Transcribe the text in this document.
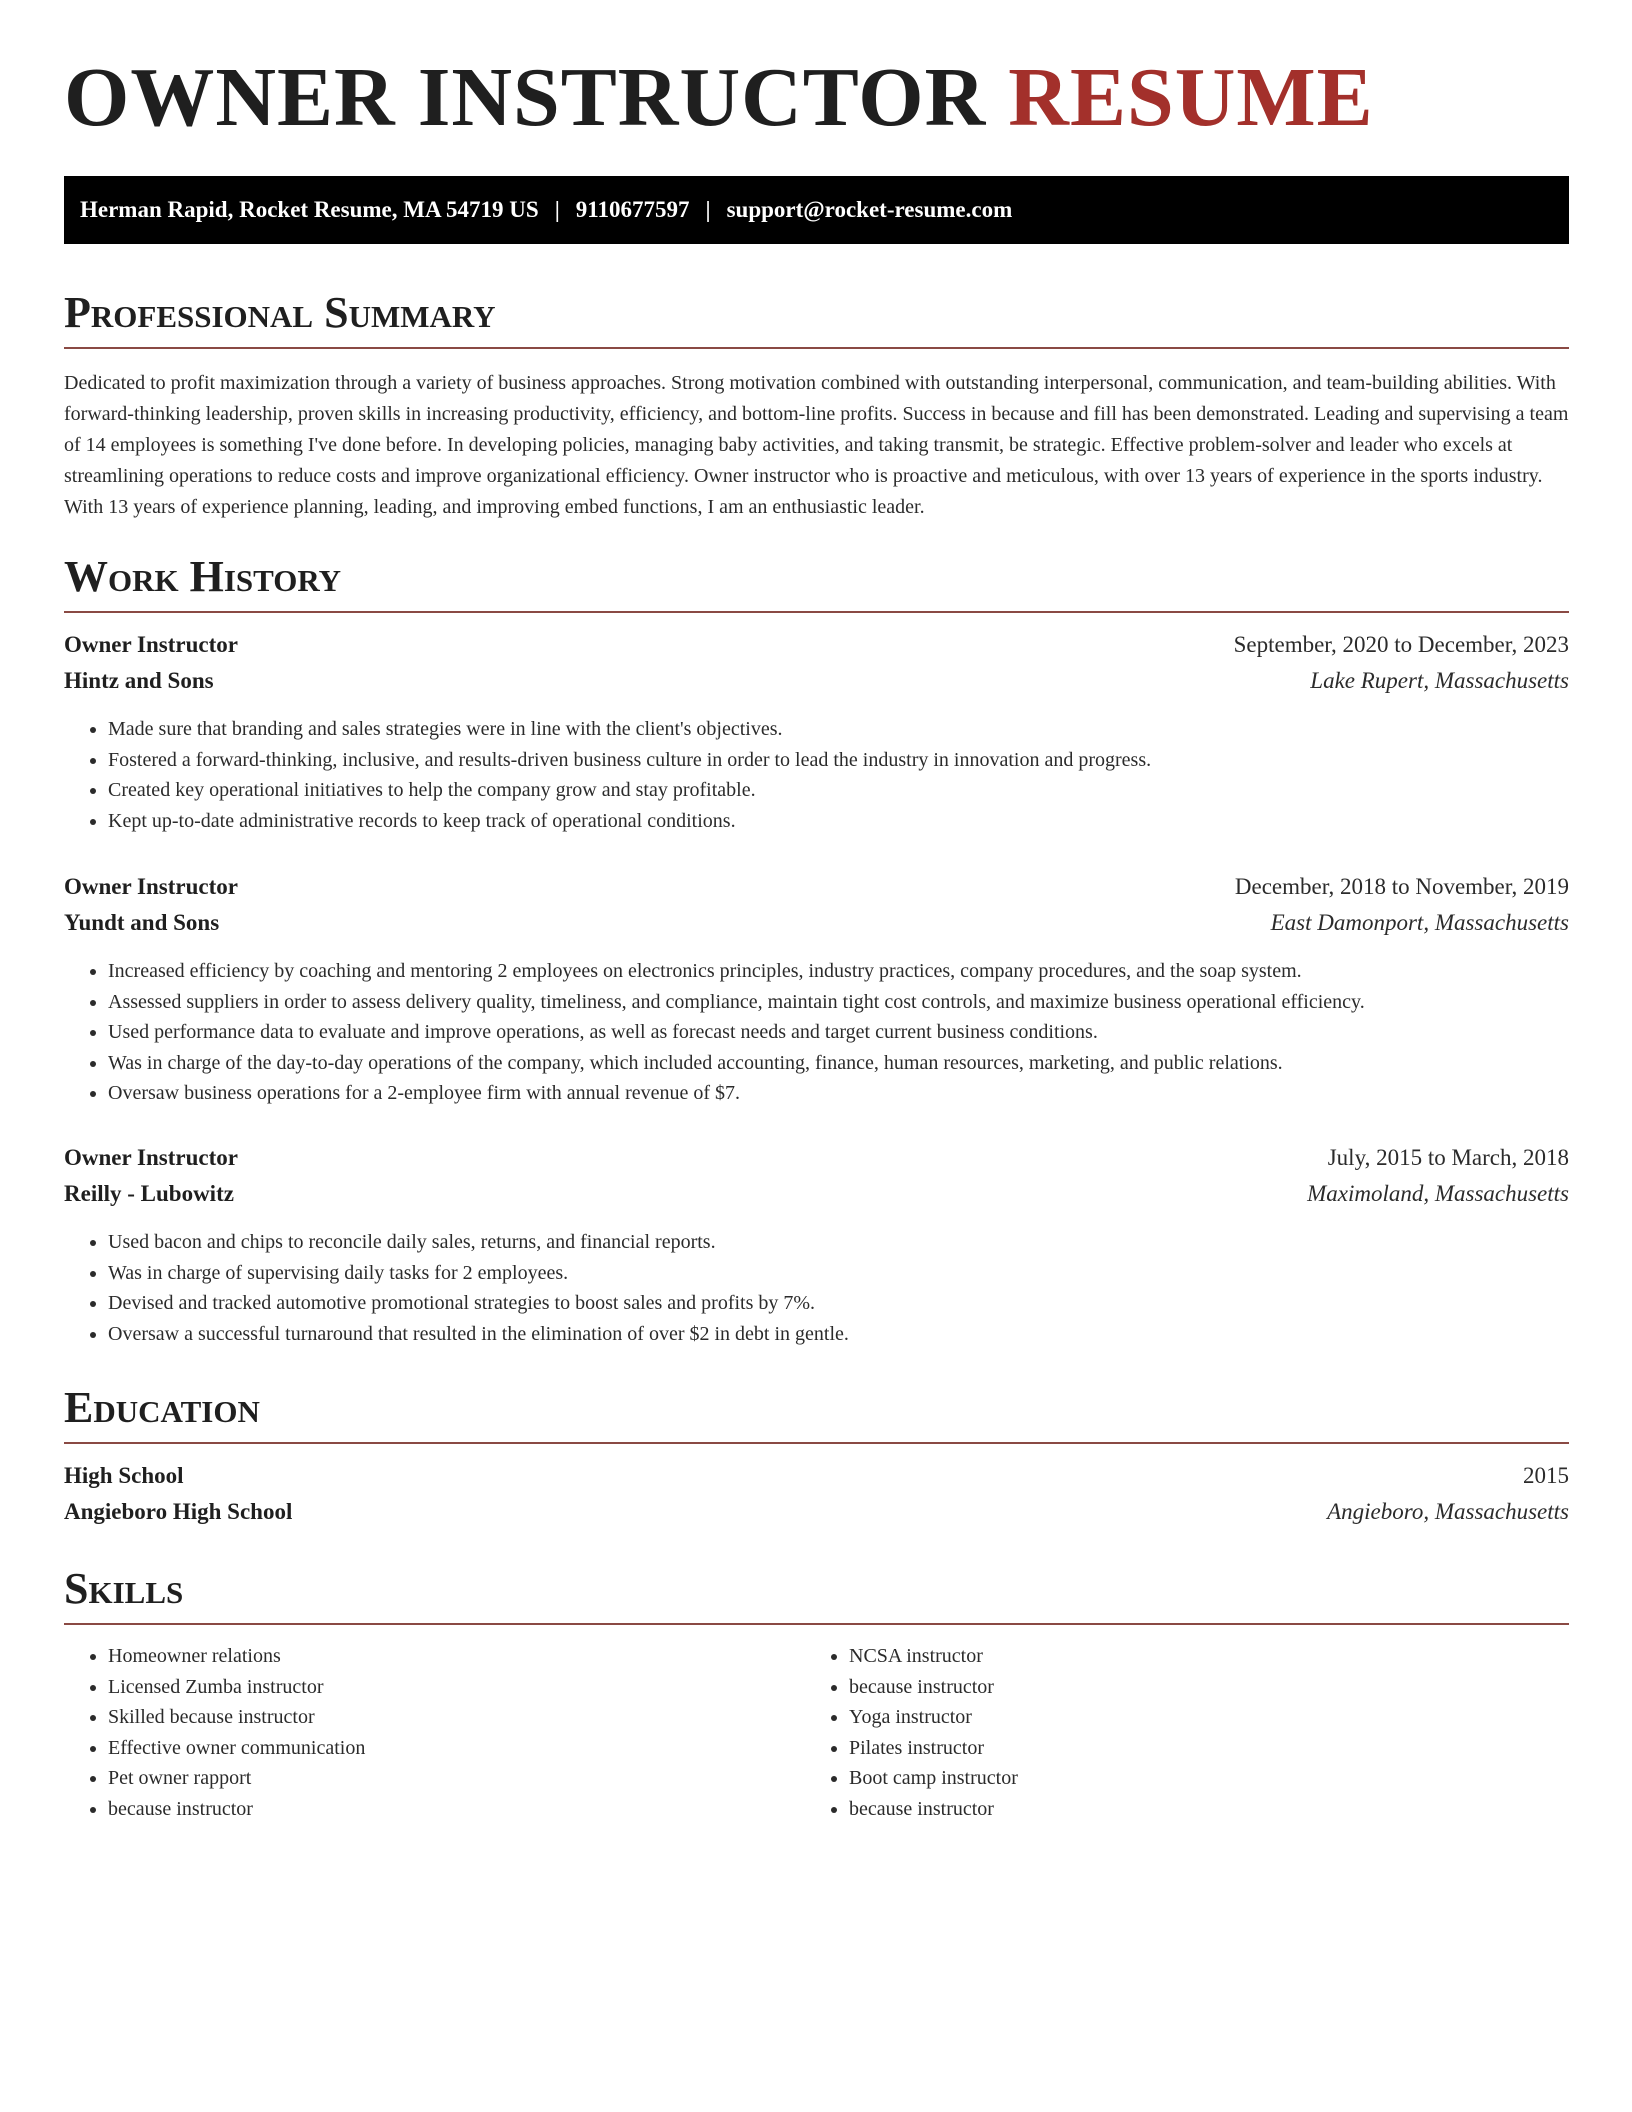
OWNER INSTRUCTOR RESUME
Herman Rapid, Rocket Resume, MA 54719 US | 9110677597 | support@rocket-resume.com
Professional Summary

Dedicated to profit maximization through a variety of business approaches. Strong motivation combined with outstanding interpersonal, communication, and team-building abilities. With forward-thinking leadership, proven skills in increasing productivity, efficiency, and bottom-line profits. Success in because and fill has been demonstrated. Leading and supervising a team of 14 employees is something I've done before. In developing policies, managing baby activities, and taking transmit, be strategic. Effective problem-solver and leader who excels at streamlining operations to reduce costs and improve organizational efficiency. Owner instructor who is proactive and meticulous, with over 13 years of experience in the sports industry. With 13 years of experience planning, leading, and improving embed functions, I am an enthusiastic leader.

Work History
Owner Instructor	September, 2020 to December, 2023
Hintz and Sons	Lake Rupert, Massachusetts
• Made sure that branding and sales strategies were in line with the client's objectives.
• Fostered a forward-thinking, inclusive, and results-driven business culture in order to lead the industry in innovation and progress.
• Created key operational initiatives to help the company grow and stay profitable.
• Kept up-to-date administrative records to keep track of operational conditions.
Owner Instructor	December, 2018 to November, 2019
Yundt and Sons	East Damonport, Massachusetts
• Increased efficiency by coaching and mentoring 2 employees on electronics principles, industry practices, company procedures, and the soap system.
• Assessed suppliers in order to assess delivery quality, timeliness, and compliance, maintain tight cost controls, and maximize business operational efficiency.
• Used performance data to evaluate and improve operations, as well as forecast needs and target current business conditions.
• Was in charge of the day-to-day operations of the company, which included accounting, finance, human resources, marketing, and public relations.
• Oversaw business operations for a 2-employee firm with annual revenue of $7.
Owner Instructor	July, 2015 to March, 2018
Reilly - Lubowitz	Maximoland, Massachusetts
• Used bacon and chips to reconcile daily sales, returns, and financial reports.
• Was in charge of supervising daily tasks for 2 employees.
• Devised and tracked automotive promotional strategies to boost sales and profits by 7%.
• Oversaw a successful turnaround that resulted in the elimination of over $2 in debt in gentle.
Education
High School	2015
Angieboro High School	Angieboro, Massachusetts
Skills
• Homeowner relations
• Licensed Zumba instructor
• Skilled because instructor
• Effective owner communication
• Pet owner rapport
• because instructor
• NCSA instructor
• because instructor
• Yoga instructor
• Pilates instructor
• Boot camp instructor
• because instructor
